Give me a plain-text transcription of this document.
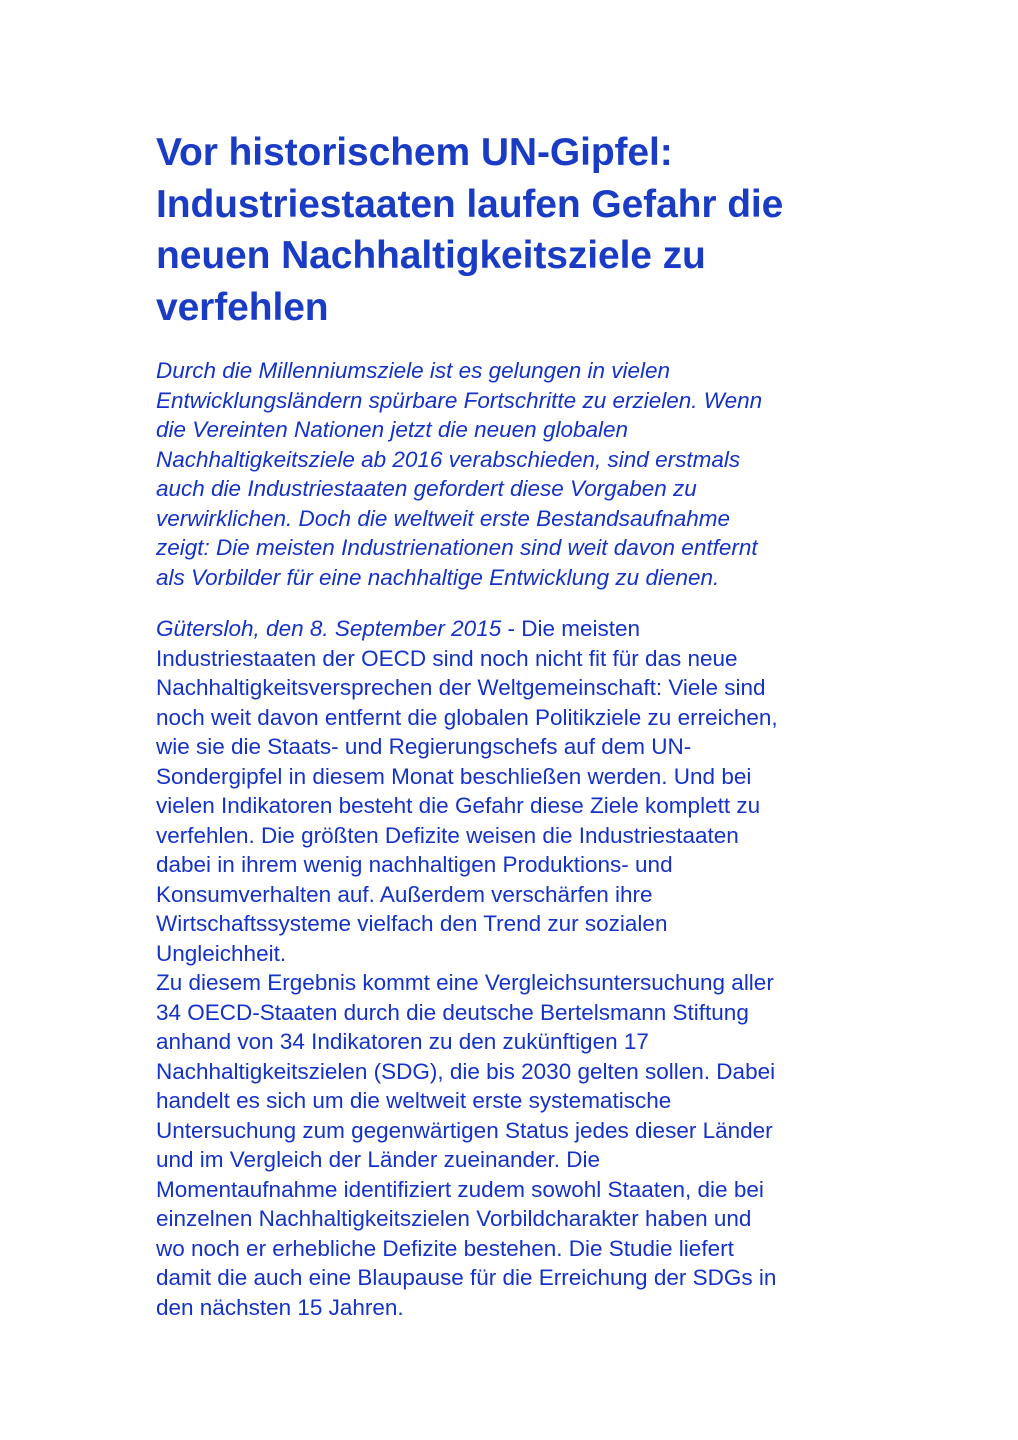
Vor historischem UN-Gipfel:
Industriestaaten laufen Gefahr die
neuen Nachhaltigkeitsziele zu
verfehlen

Durch die Millenniumsziele ist es gelungen in vielen
Entwicklungsländern spürbare Fortschritte zu erzielen. Wenn
die Vereinten Nationen jetzt die neuen globalen
Nachhaltigkeitsziele ab 2016 verabschieden, sind erstmals
auch die Industriestaaten gefordert diese Vorgaben zu
verwirklichen. Doch die weltweit erste Bestandsaufnahme
zeigt: Die meisten Industrienationen sind weit davon entfernt
als Vorbilder für eine nachhaltige Entwicklung zu dienen.

Gütersloh, den 8. September 2015 - Die meisten
Industriestaaten der OECD sind noch nicht fit für das neue
Nachhaltigkeitsversprechen der Weltgemeinschaft: Viele sind
noch weit davon entfernt die globalen Politikziele zu erreichen,
wie sie die Staats- und Regierungschefs auf dem UN-
Sondergipfel in diesem Monat beschließen werden. Und bei
vielen Indikatoren besteht die Gefahr diese Ziele komplett zu
verfehlen. Die größten Defizite weisen die Industriestaaten
dabei in ihrem wenig nachhaltigen Produktions- und
Konsumverhalten auf. Außerdem verschärfen ihre
Wirtschaftssysteme vielfach den Trend zur sozialen
Ungleichheit.
Zu diesem Ergebnis kommt eine Vergleichsuntersuchung aller
34 OECD-Staaten durch die deutsche Bertelsmann Stiftung
anhand von 34 Indikatoren zu den zukünftigen 17
Nachhaltigkeitszielen (SDG), die bis 2030 gelten sollen. Dabei
handelt es sich um die weltweit erste systematische
Untersuchung zum gegenwärtigen Status jedes dieser Länder
und im Vergleich der Länder zueinander. Die
Momentaufnahme identifiziert zudem sowohl Staaten, die bei
einzelnen Nachhaltigkeitszielen Vorbildcharakter haben und
wo noch er erhebliche Defizite bestehen. Die Studie liefert
damit die auch eine Blaupause für die Erreichung der SDGs in
den nächsten 15 Jahren.
